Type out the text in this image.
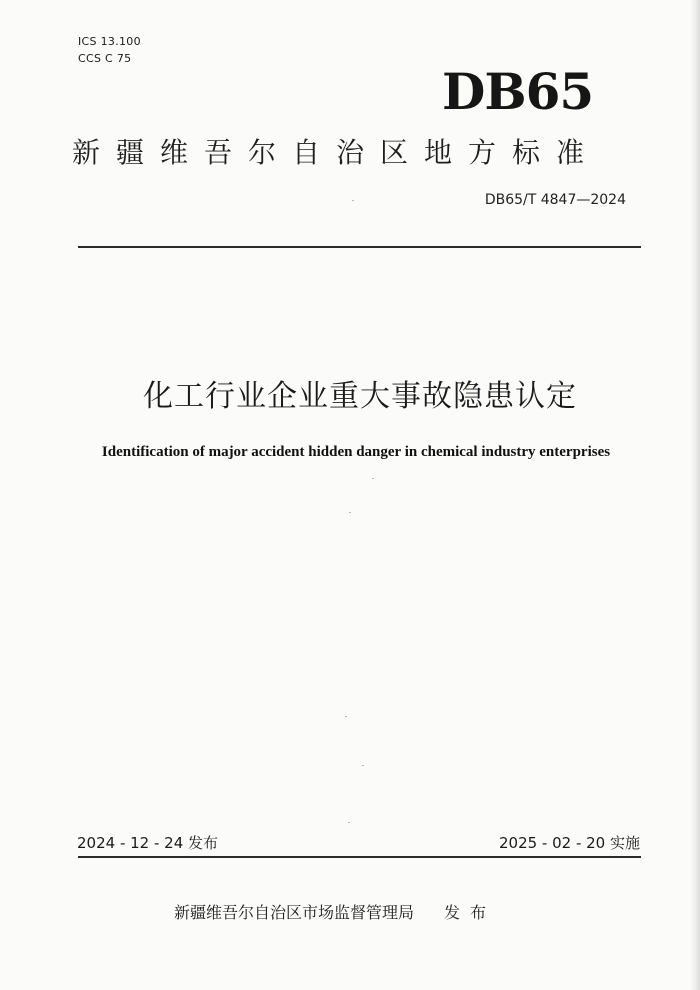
ICS 13.100
CCS C 75
DB65
新疆维吾尔自治区地方标准
DB65/T 4847—2024
化工行业企业重大事故隐患认定
Identification of major accident hidden danger in chemical industry enterprises
2024 - 12 - 24 发布	2025 - 02 - 20 实施
新疆维吾尔自治区市场监督管理局 发布
